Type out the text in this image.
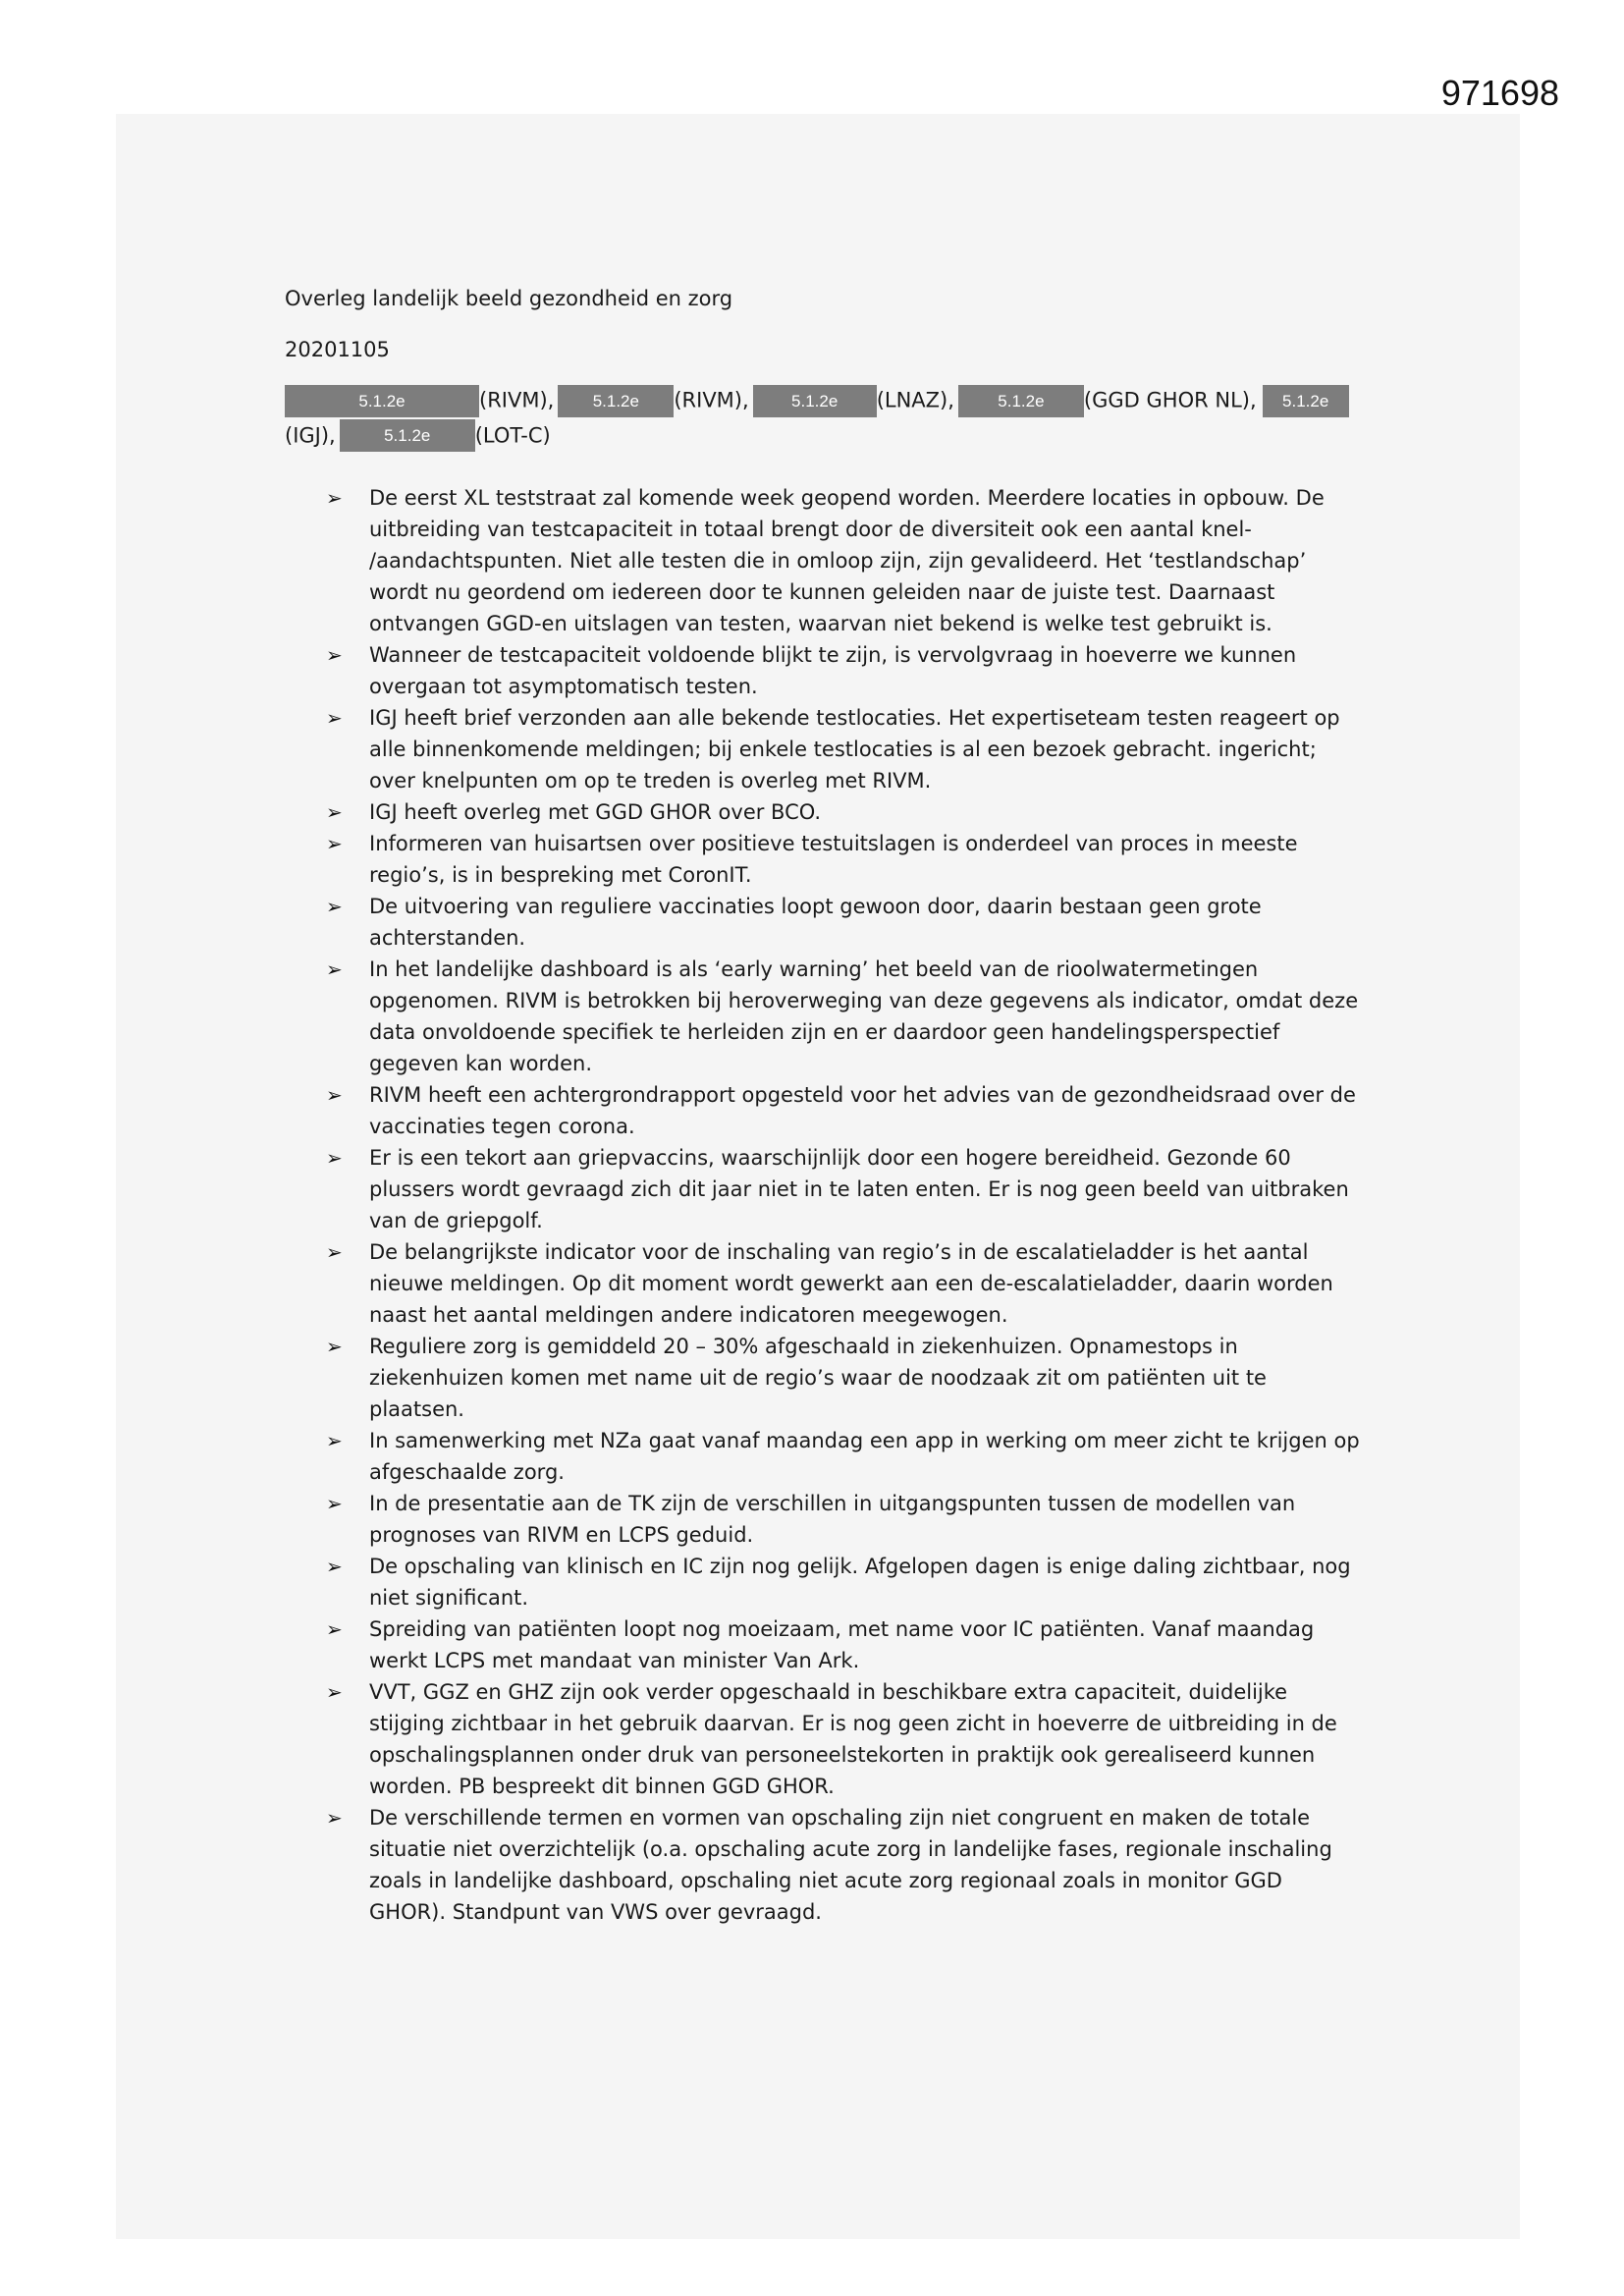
971698

Overleg landelijk beeld gezondheid en zorg

20201105

5.1.2e	(RIVM), 5.1.2e (RIVM),	5.1.2e (LNAZ),	5.1.2e (GGD GHOR NL), 5.1.2e
(IGJ),	5.1.2e (LOT-C)
➢ De eerst XL teststraat zal komende week geopend worden. Meerdere locaties in opbouw. De uitbreiding van testcapaciteit in totaal brengt door de diversiteit ook een aantal knel- /aandachtspunten. Niet alle testen die in omloop zijn, zijn gevalideerd. Het ‘testlandschap’ wordt nu geordend om iedereen door te kunnen geleiden naar de juiste test. Daarnaast ontvangen GGD-en uitslagen van testen, waarvan niet bekend is welke test gebruikt is.
➢ Wanneer de testcapaciteit voldoende blijkt te zijn, is vervolgvraag in hoeverre we kunnen overgaan tot asymptomatisch testen.
➢ IGJ heeft brief verzonden aan alle bekende testlocaties. Het expertiseteam testen reageert op alle binnenkomende meldingen; bij enkele testlocaties is al een bezoek gebracht. ingericht; over knelpunten om op te treden is overleg met RIVM.
➢ IGJ heeft overleg met GGD GHOR over BCO.
➢ Informeren van huisartsen over positieve testuitslagen is onderdeel van proces in meeste regio’s, is in bespreking met CoronIT.
➢ De uitvoering van reguliere vaccinaties loopt gewoon door, daarin bestaan geen grote achterstanden.
➢ In het landelijke dashboard is als ‘early warning’ het beeld van de rioolwatermetingen opgenomen. RIVM is betrokken bij heroverweging van deze gegevens als indicator, omdat deze data onvoldoende specifiek te herleiden zijn en er daardoor geen handelingsperspectief gegeven kan worden.
➢ RIVM heeft een achtergrondrapport opgesteld voor het advies van de gezondheidsraad over de vaccinaties tegen corona.
➢ Er is een tekort aan griepvaccins, waarschijnlijk door een hogere bereidheid. Gezonde 60 plussers wordt gevraagd zich dit jaar niet in te laten enten. Er is nog geen beeld van uitbraken van de griepgolf.
➢ De belangrijkste indicator voor de inschaling van regio’s in de escalatieladder is het aantal nieuwe meldingen. Op dit moment wordt gewerkt aan een de-escalatieladder, daarin worden naast het aantal meldingen andere indicatoren meegewogen.
➢ Reguliere zorg is gemiddeld 20 – 30% afgeschaald in ziekenhuizen. Opnamestops in ziekenhuizen komen met name uit de regio’s waar de noodzaak zit om patiënten uit te plaatsen.
➢ In samenwerking met NZa gaat vanaf maandag een app in werking om meer zicht te krijgen op afgeschaalde zorg.
➢ In de presentatie aan de TK zijn de verschillen in uitgangspunten tussen de modellen van prognoses van RIVM en LCPS geduid.
➢ De opschaling van klinisch en IC zijn nog gelijk. Afgelopen dagen is enige daling zichtbaar, nog niet significant.
➢ Spreiding van patiënten loopt nog moeizaam, met name voor IC patiënten. Vanaf maandag werkt LCPS met mandaat van minister Van Ark.
➢ VVT, GGZ en GHZ zijn ook verder opgeschaald in beschikbare extra capaciteit, duidelijke stijging zichtbaar in het gebruik daarvan. Er is nog geen zicht in hoeverre de uitbreiding in de opschalingsplannen onder druk van personeelstekorten in praktijk ook gerealiseerd kunnen worden. PB bespreekt dit binnen GGD GHOR.
➢ De verschillende termen en vormen van opschaling zijn niet congruent en maken de totale situatie niet overzichtelijk (o.a. opschaling acute zorg in landelijke fases, regionale inschaling zoals in landelijke dashboard, opschaling niet acute zorg regionaal zoals in monitor GGD GHOR). Standpunt van VWS over gevraagd.
